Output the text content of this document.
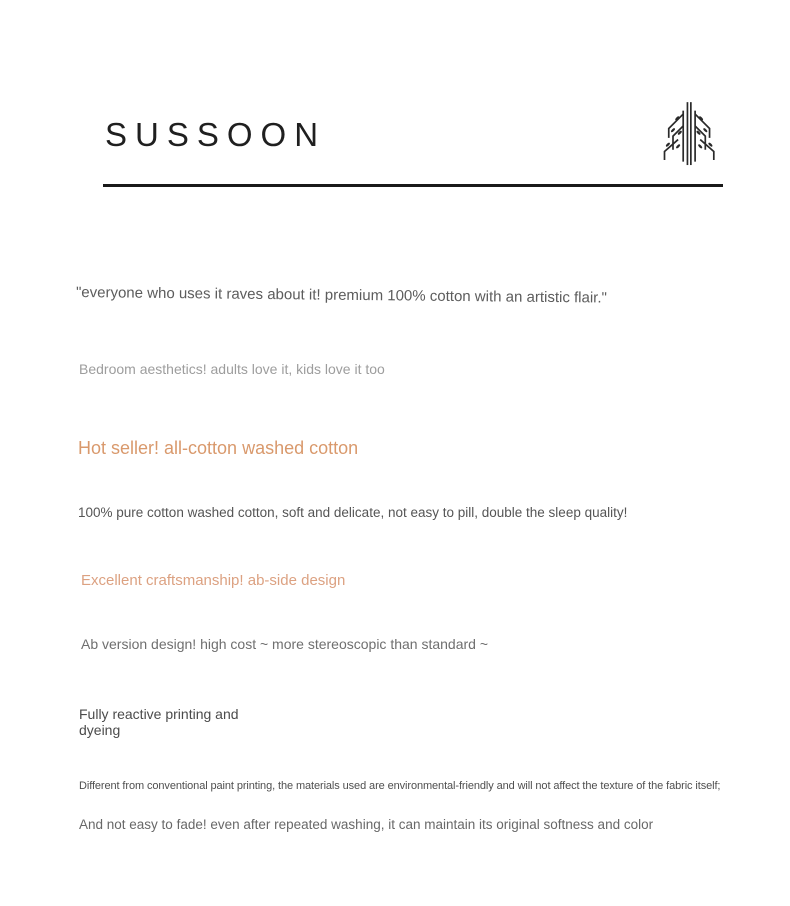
SUSSOON
"everyone who uses it raves about it! premium 100% cotton with an artistic flair."
Bedroom aesthetics! adults love it, kids love it too
Hot seller! all-cotton washed cotton
100% pure cotton washed cotton, soft and delicate, not easy to pill, double the sleep quality!
Excellent craftsmanship! ab-side design
Ab version design! high cost ~ more stereoscopic than standard ~
Fully reactive printing and dyeing
Different from conventional paint printing, the materials used are environmental-friendly and will not affect the texture of the fabric itself;
And not easy to fade! even after repeated washing, it can maintain its original softness and color
